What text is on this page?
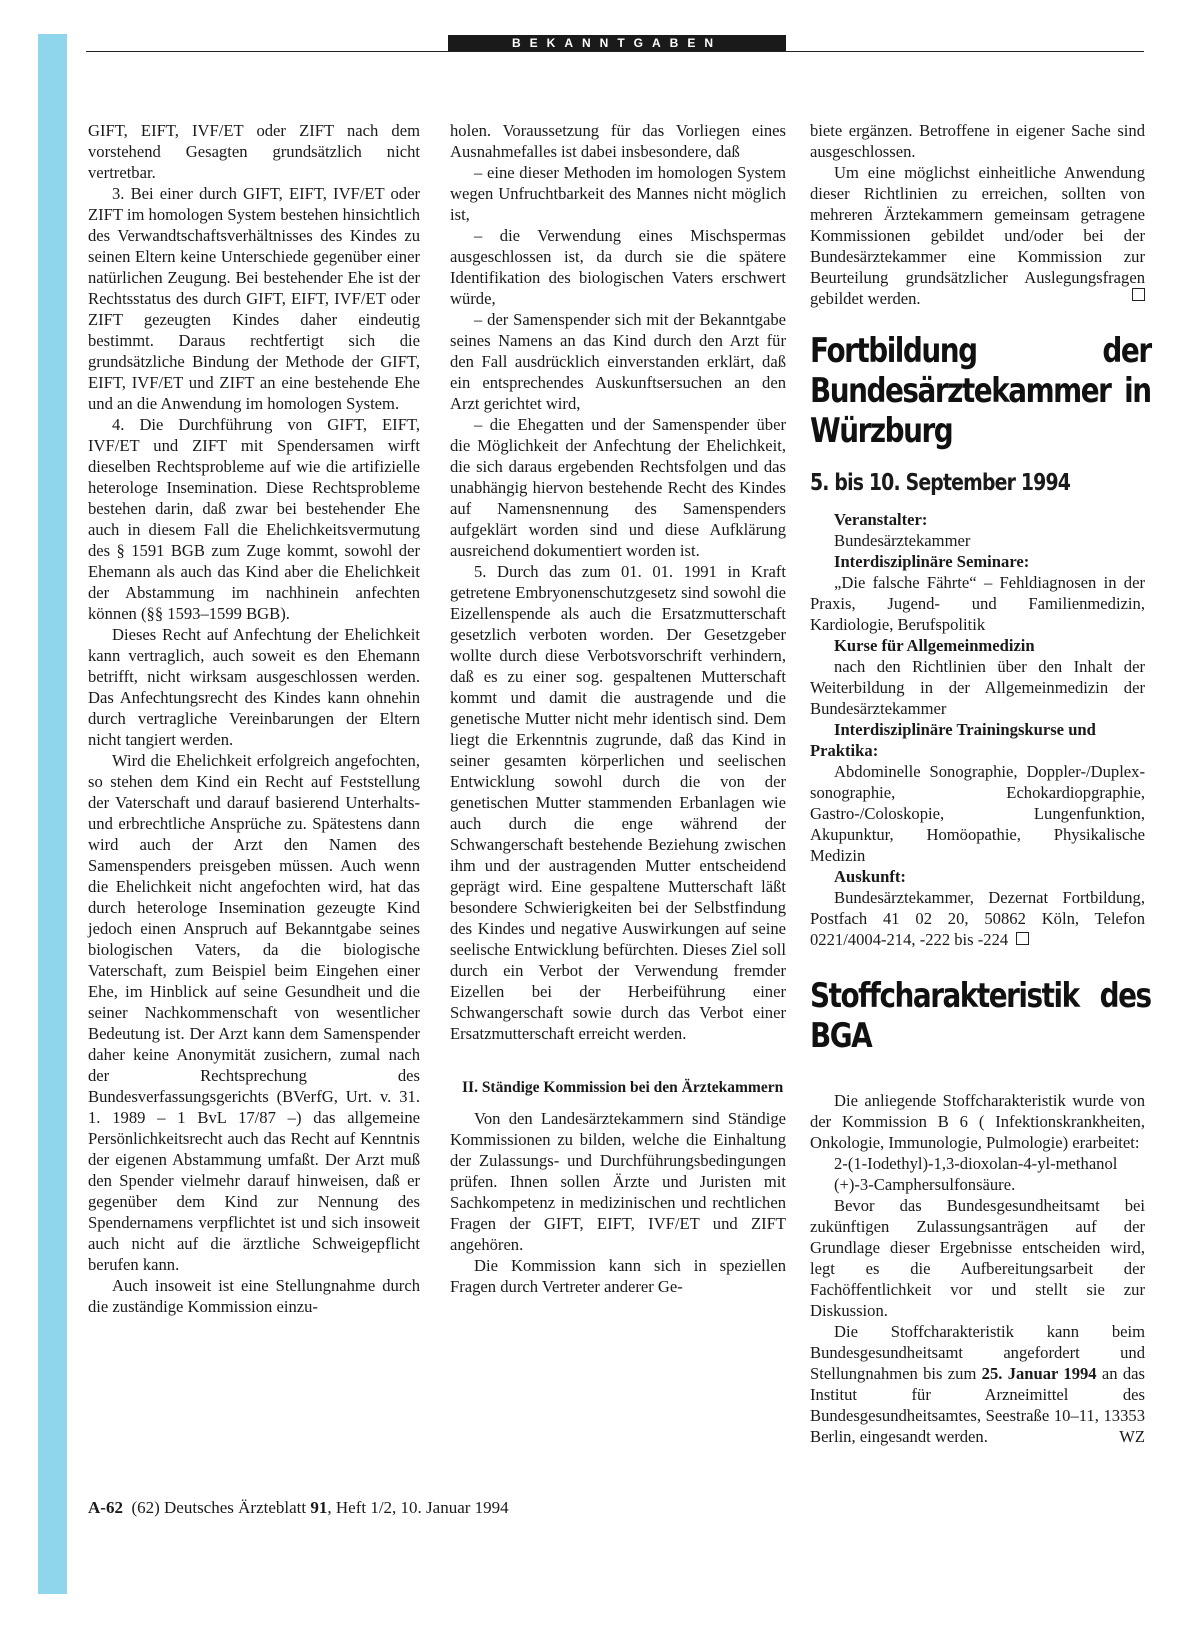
BEKANNTGABEN

GIFT, EIFT, IVF/ET oder ZIFT nach dem vorstehend Gesagten grundsätzlich nicht vertretbar.

3. Bei einer durch GIFT, EIFT, IVF/ET oder ZIFT im homologen System bestehen hinsichtlich des Verwandtschaftsverhältnisses des Kindes zu seinen Eltern keine Unterschiede gegenüber einer natürlichen Zeugung. Bei bestehender Ehe ist der Rechtsstatus des durch GIFT, EIFT, IVF/ET oder ZIFT gezeugten Kindes daher eindeutig bestimmt. Daraus rechtfertigt sich die grundsätzliche Bindung der Methode der GIFT, EIFT, IVF/ET und ZIFT an eine bestehende Ehe und an die Anwendung im homologen System.

4. Die Durchführung von GIFT, EIFT, IVF/ET und ZIFT mit Spendersamen wirft dieselben Rechtsprobleme auf wie die artifizielle heterologe Insemination. Diese Rechtsprobleme bestehen darin, daß zwar bei bestehender Ehe auch in diesem Fall die Ehelichkeitsvermutung des § 1591 BGB zum Zuge kommt, sowohl der Ehemann als auch das Kind aber die Ehelichkeit der Abstammung im nachhinein anfechten können (§§ 1593–1599 BGB).

Dieses Recht auf Anfechtung der Ehelichkeit kann vertraglich, auch soweit es den Ehemann betrifft, nicht wirksam ausgeschlossen werden. Das Anfechtungsrecht des Kindes kann ohnehin durch vertragliche Vereinbarungen der Eltern nicht tangiert werden.

Wird die Ehelichkeit erfolgreich angefochten, so stehen dem Kind ein Recht auf Feststellung der Vaterschaft und darauf basierend Unterhalts- und erbrechtliche Ansprüche zu. Spätestens dann wird auch der Arzt den Namen des Samenspenders preisgeben müssen. Auch wenn die Ehelichkeit nicht angefochten wird, hat das durch heterologe Insemination gezeugte Kind jedoch einen Anspruch auf Bekanntgabe seines biologischen Vaters, da die biologische Vaterschaft, zum Beispiel beim Eingehen einer Ehe, im Hinblick auf seine Gesundheit und die seiner Nachkommenschaft von wesentlicher Bedeutung ist. Der Arzt kann dem Samenspender daher keine Anonymität zusichern, zumal nach der Rechtsprechung des Bundesverfassungsgerichts (BVerfG, Urt. v. 31. 1. 1989 – 1 BvL 17/87 –) das allgemeine Persönlichkeitsrecht auch das Recht auf Kenntnis der eigenen Abstammung umfaßt. Der Arzt muß den Spender vielmehr darauf hinweisen, daß er gegenüber dem Kind zur Nennung des Spendernamens verpflichtet ist und sich insoweit auch nicht auf die ärztliche Schweigepflicht berufen kann.

Auch insoweit ist eine Stellungnahme durch die zuständige Kommission einzu-

holen. Voraussetzung für das Vorliegen eines Ausnahmefalles ist dabei insbesondere, daß

– eine dieser Methoden im homologen System wegen Unfruchtbarkeit des Mannes nicht möglich ist,

– die Verwendung eines Mischspermas ausgeschlossen ist, da durch sie die spätere Identifikation des biologischen Vaters erschwert würde,

– der Samenspender sich mit der Bekanntgabe seines Namens an das Kind durch den Arzt für den Fall ausdrücklich einverstanden erklärt, daß ein entsprechendes Auskunftsersuchen an den Arzt gerichtet wird,

– die Ehegatten und der Samenspender über die Möglichkeit der Anfechtung der Ehelichkeit, die sich daraus ergebenden Rechtsfolgen und das unabhängig hiervon bestehende Recht des Kindes auf Namensnennung des Samenspenders aufgeklärt worden sind und diese Aufklärung ausreichend dokumentiert worden ist.

5. Durch das zum 01. 01. 1991 in Kraft getretene Embryonenschutzgesetz sind sowohl die Eizellenspende als auch die Ersatzmutterschaft gesetzlich verboten worden. Der Gesetzgeber wollte durch diese Verbotsvorschrift verhindern, daß es zu einer sog. gespaltenen Mutterschaft kommt und damit die austragende und die genetische Mutter nicht mehr identisch sind. Dem liegt die Erkenntnis zugrunde, daß das Kind in seiner gesamten körperlichen und seelischen Entwicklung sowohl durch die von der genetischen Mutter stammenden Erbanlagen wie auch durch die enge während der Schwangerschaft bestehende Beziehung zwischen ihm und der austragenden Mutter entscheidend geprägt wird. Eine gespaltene Mutterschaft läßt besondere Schwierigkeiten bei der Selbstfindung des Kindes und negative Auswirkungen auf seine seelische Entwicklung befürchten. Dieses Ziel soll durch ein Verbot der Verwendung fremder Eizellen bei der Herbeiführung einer Schwangerschaft sowie durch das Verbot einer Ersatzmutterschaft erreicht werden.

II. Ständige Kommission bei den Ärztekammern

Von den Landesärztekammern sind Ständige Kommissionen zu bilden, welche die Einhaltung der Zulassungs- und Durchführungsbedingungen prüfen. Ihnen sollen Ärzte und Juristen mit Sachkompetenz in medizinischen und rechtlichen Fragen der GIFT, EIFT, IVF/ET und ZIFT angehören.

Die Kommission kann sich in speziellen Fragen durch Vertreter anderer Ge-

biete ergänzen. Betroffene in eigener Sache sind ausgeschlossen.

Um eine möglichst einheitliche Anwendung dieser Richtlinien zu erreichen, sollten von mehreren Ärztekammern gemeinsam getragene Kommissionen gebildet und/oder bei der Bundesärztekammer eine Kommission zur Beurteilung grundsätzlicher Auslegungsfragen gebildet werden.

Fortbildung der Bundesärztekammer in Würzburg
5. bis 10. September 1994

Veranstalter:

Bundesärztekammer

Interdisziplinäre Seminare:

„Die falsche Fährte“ – Fehldiagnosen in der Praxis, Jugend- und Familienmedizin, Kardiologie, Berufspolitik

Kurse für Allgemeinmedizin

nach den Richtlinien über den Inhalt der Weiterbildung in der Allgemeinmedizin der Bundesärztekammer

Interdisziplinäre Trainingskurse und Praktika:

Abdominelle Sonographie, Doppler-/Duplex-sonographie, Echokardiopgraphie, Gastro-/Coloskopie, Lungenfunktion, Akupunktur, Homöopathie, Physikalische Medizin

Auskunft:

Bundesärztekammer, Dezernat Fortbildung, Postfach 41 02 20, 50862 Köln, Telefon 0221/4004-214, -222 bis -224

Stoffcharakteristik des BGA

Die anliegende Stoffcharakteristik wurde von der Kommission B 6 ( Infektionskrankheiten, Onkologie, Immunologie, Pulmologie) erarbeitet:

2-(1-Iodethyl)-1,3-dioxolan-4-yl-methanol

(+)-3-Camphersulfonsäure.

Bevor das Bundesgesundheitsamt bei zukünftigen Zulassungsanträgen auf der Grundlage dieser Ergebnisse entscheiden wird, legt es die Aufbereitungsarbeit der Fachöffentlichkeit vor und stellt sie zur Diskussion.

Die Stoffcharakteristik kann beim Bundesgesundheitsamt angefordert und Stellungnahmen bis zum 25. Januar 1994 an das Institut für Arzneimittel des Bundesgesundheitsamtes, Seestraße 10–11, 13353 Berlin, eingesandt werden.	WZ

A-62 (62) Deutsches Ärzteblatt 91, Heft 1/2, 10. Januar 1994
